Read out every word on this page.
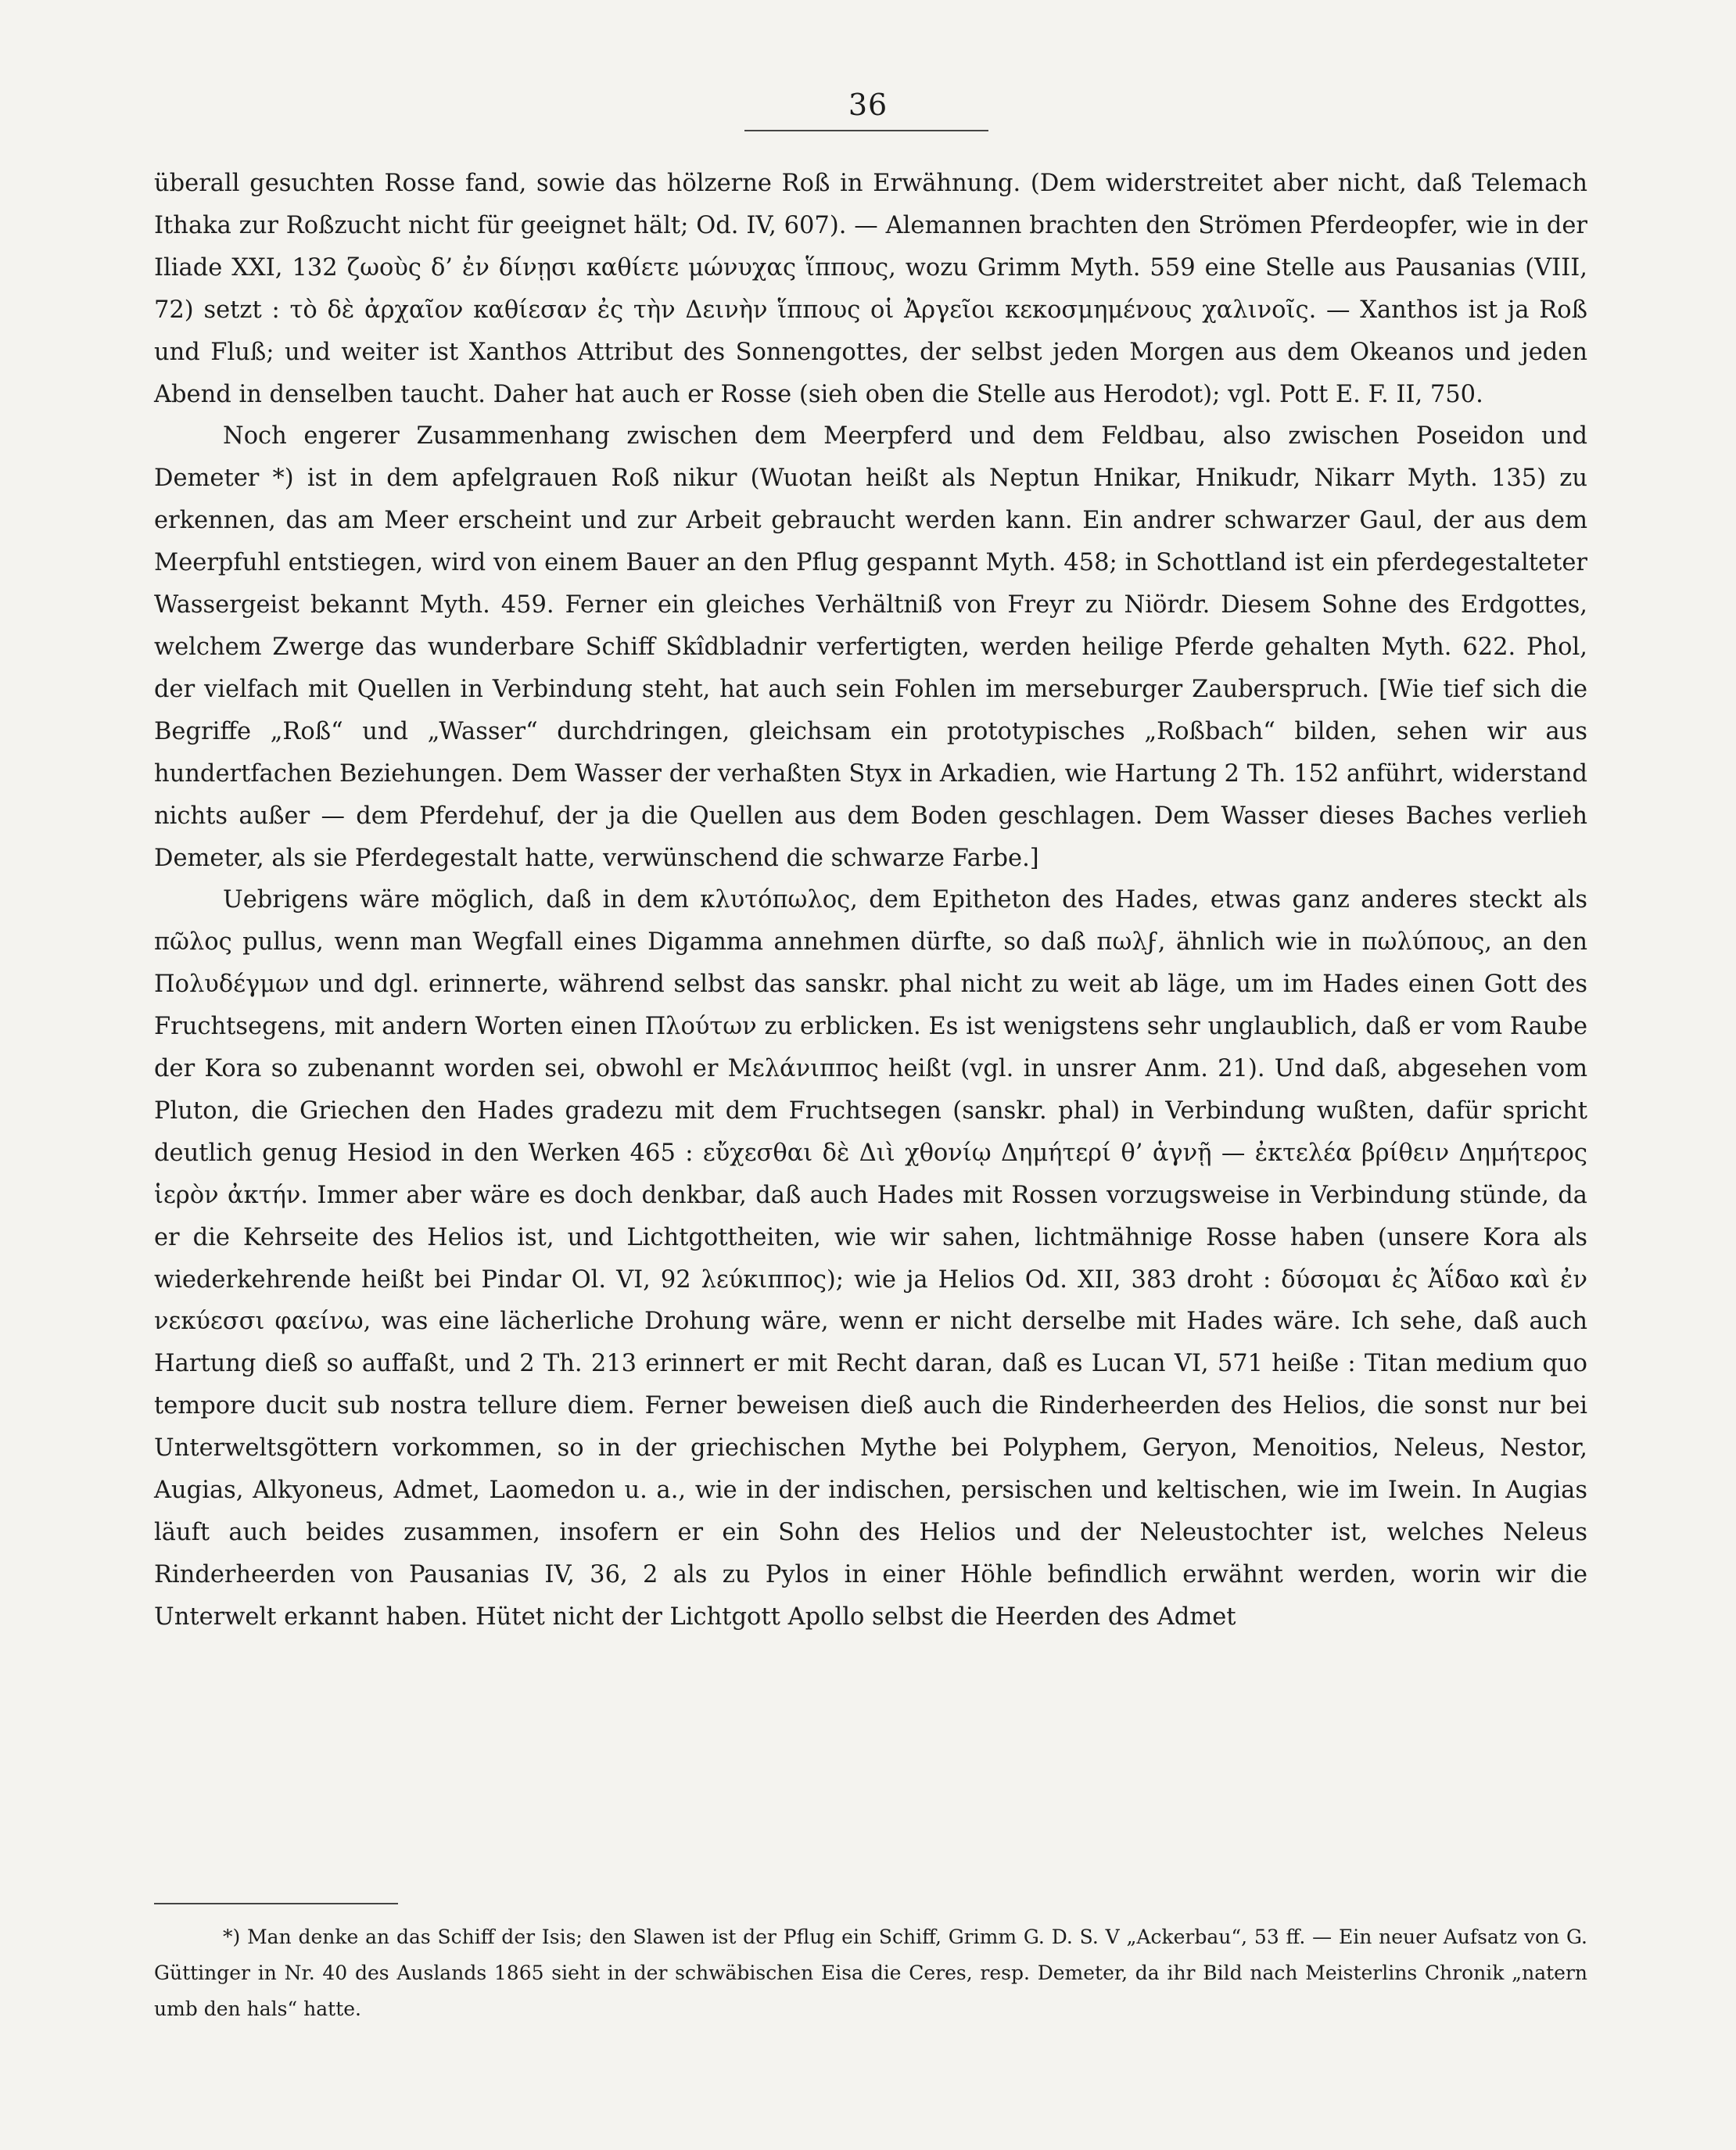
36

überall gesuchten Rosse fand, sowie das hölzerne Roß in Erwähnung. (Dem widerstreitet aber nicht, daß Telemach Ithaka zur Roßzucht nicht für geeignet hält; Od. IV, 607). — Alemannen brachten den Strömen Pferdeopfer, wie in der Iliade XXI, 132 ζωοὺς δ’ ἐν δίνῃσι καθίετε μώνυχας ἵππους, wozu Grimm Myth. 559 eine Stelle aus Pausanias (VIII, 72) setzt : τὸ δὲ ἀρχαῖον καθίεσαν ἐς τὴν Δεινὴν ἵππους οἱ Ἀργεῖοι κεκοσμημένους χαλινοῖς. — Xanthos ist ja Roß und Fluß; und weiter ist Xanthos Attribut des Sonnengottes, der selbst jeden Morgen aus dem Okeanos und jeden Abend in denselben taucht. Daher hat auch er Rosse (sieh oben die Stelle aus Herodot); vgl. Pott E. F. II, 750.

Noch engerer Zusammenhang zwischen dem Meerpferd und dem Feldbau, also zwischen Poseidon und Demeter *) ist in dem apfelgrauen Roß nikur (Wuotan heißt als Neptun Hnikar, Hnikudr, Nikarr Myth. 135) zu erkennen, das am Meer erscheint und zur Arbeit gebraucht werden kann. Ein andrer schwarzer Gaul, der aus dem Meerpfuhl entstiegen, wird von einem Bauer an den Pflug gespannt Myth. 458; in Schottland ist ein pferdegestalteter Wassergeist bekannt Myth. 459. Ferner ein gleiches Verhältniß von Freyr zu Niördr. Diesem Sohne des Erdgottes, welchem Zwerge das wunderbare Schiff Skîdbladnir verfertigten, werden heilige Pferde gehalten Myth. 622. Phol, der vielfach mit Quellen in Verbindung steht, hat auch sein Fohlen im merseburger Zauberspruch. [Wie tief sich die Begriffe „Roß“ und „Wasser“ durchdringen, gleichsam ein prototypisches „Roßbach“ bilden, sehen wir aus hundertfachen Beziehungen. Dem Wasser der verhaßten Styx in Arkadien, wie Hartung 2 Th. 152 anführt, widerstand nichts außer — dem Pferdehuf, der ja die Quellen aus dem Boden geschlagen. Dem Wasser dieses Baches verlieh Demeter, als sie Pferdegestalt hatte, verwünschend die schwarze Farbe.]

Uebrigens wäre möglich, daß in dem κλυτόπωλος, dem Epitheton des Hades, etwas ganz anderes steckt als πῶλος pullus, wenn man Wegfall eines Digamma annehmen dürfte, so daß πωλϝ, ähnlich wie in πωλύπους, an den Πολυδέγμων und dgl. erinnerte, während selbst das sanskr. phal nicht zu weit ab läge, um im Hades einen Gott des Fruchtsegens, mit andern Worten einen Πλούτων zu erblicken. Es ist wenigstens sehr unglaublich, daß er vom Raube der Kora so zubenannt worden sei, obwohl er Μελάνιππος heißt (vgl. in unsrer Anm. 21). Und daß, abgesehen vom Pluton, die Griechen den Hades gradezu mit dem Fruchtsegen (sanskr. phal) in Verbindung wußten, dafür spricht deutlich genug Hesiod in den Werken 465 : εὔχεσθαι δὲ Διὶ χθονίῳ Δημήτερί θ’ ἁγνῇ — ἐκτελέα βρίθειν Δημήτερος ἱερὸν ἀκτήν. Immer aber wäre es doch denkbar, daß auch Hades mit Rossen vorzugsweise in Verbindung stünde, da er die Kehrseite des Helios ist, und Lichtgottheiten, wie wir sahen, lichtmähnige Rosse haben (unsere Kora als wiederkehrende heißt bei Pindar Ol. VI, 92 λεύκιππος); wie ja Helios Od. XII, 383 droht : δύσομαι ἐς Ἀΐδαο καὶ ἐν νεκύεσσι φαείνω, was eine lächerliche Drohung wäre, wenn er nicht derselbe mit Hades wäre. Ich sehe, daß auch Hartung dieß so auffaßt, und 2 Th. 213 erinnert er mit Recht daran, daß es Lucan VI, 571 heiße : Titan medium quo tempore ducit sub nostra tellure diem. Ferner beweisen dieß auch die Rinderheerden des Helios, die sonst nur bei Unterweltsgöttern vorkommen, so in der griechischen Mythe bei Polyphem, Geryon, Menoitios, Neleus, Nestor, Augias, Alkyoneus, Admet, Laomedon u. a., wie in der indischen, persischen und keltischen, wie im Iwein. In Augias läuft auch beides zusammen, insofern er ein Sohn des Helios und der Neleustochter ist, welches Neleus Rinderheerden von Pausanias IV, 36, 2 als zu Pylos in einer Höhle befindlich erwähnt werden, worin wir die Unterwelt erkannt haben. Hütet nicht der Lichtgott Apollo selbst die Heerden des Admet

*) Man denke an das Schiff der Isis; den Slawen ist der Pflug ein Schiff, Grimm G. D. S. V „Ackerbau“, 53 ff. — Ein neuer Aufsatz von G. Güttinger in Nr. 40 des Auslands 1865 sieht in der schwäbischen Eisa die Ceres, resp. Demeter, da ihr Bild nach Meisterlins Chronik „natern umb den hals“ hatte.
